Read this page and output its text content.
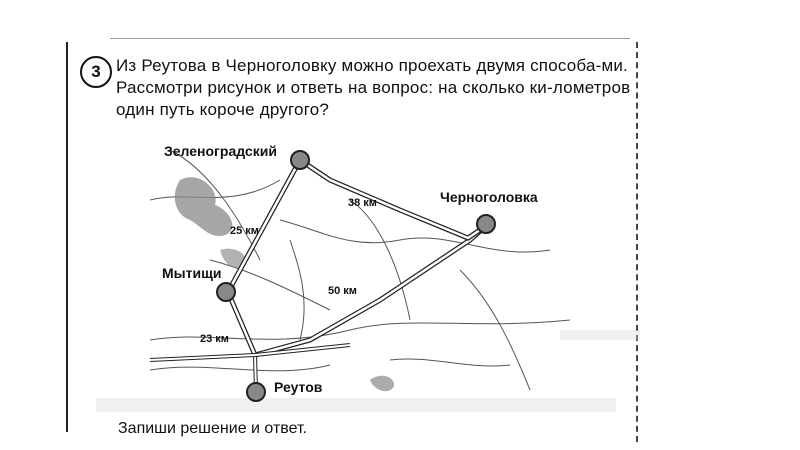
3 Из Реутова в Черноголовку можно проехать двумя способа-ми. Рассмотри рисунок и ответь на вопрос: на сколько ки-лометров один путь короче другого?
Зеленоградский
Черноголовка
Мытищи
Реутов
38 км
25 км
50 км
23 км
Запиши решение и ответ.
